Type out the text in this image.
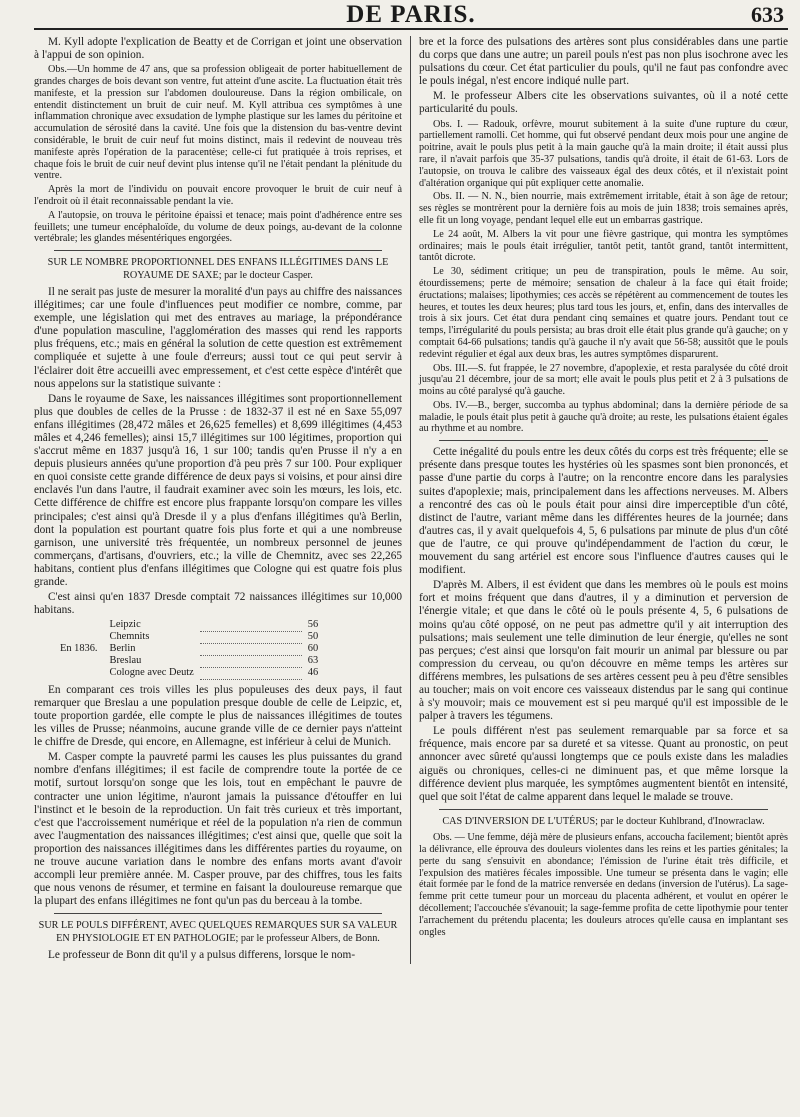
DE PARIS.	633

M. Kyll adopte l'explication de Beatty et de Corrigan et joint une observation à l'appui de son opinion.

Obs.—Un homme de 47 ans, que sa profession obligeait de porter habituellement de grandes charges de bois devant son ventre, fut atteint d'une ascite. La fluctuation était très manifeste, et la pression sur l'abdomen douloureuse. Dans la région ombilicale, on entendit distinctement un bruit de cuir neuf. M. Kyll attribua ces symptômes à une inflammation chronique avec exsudation de lymphe plastique sur les lames du péritoine et accumulation de sérosité dans la cavité. Une fois que la distension du bas-ventre devint considérable, le bruit de cuir neuf fut moins distinct, mais il redevint de nouveau très manifeste après l'opération de la paracentèse; celle-ci fut pratiquée à trois reprises, et chaque fois le bruit de cuir neuf devint plus intense qu'il ne l'était pendant la plénitude du ventre.

Après la mort de l'individu on pouvait encore provoquer le bruit de cuir neuf à l'endroit où il était reconnaissable pendant la vie.

A l'autopsie, on trouva le péritoine épaissi et tenace; mais point d'adhérence entre ses feuillets; une tumeur encéphaloïde, du volume de deux poings, au-devant de la colonne vertébrale; les glandes mésentériques engorgées.

SUR LE NOMBRE PROPORTIONNEL DES ENFANS ILLÉGITIMES DANS LE ROYAUME DE SAXE; par le docteur Casper.

Il ne serait pas juste de mesurer la moralité d'un pays au chiffre des naissances illégitimes; car une foule d'influences peut modifier ce nombre, comme, par exemple, une législation qui met des entraves au mariage, la prépondérance d'une population masculine, l'agglomération des masses qui rend les rapports plus fréquens, etc.; mais en général la solution de cette question est extrêmement compliquée et sujette à une foule d'erreurs; aussi tout ce qui peut servir à l'éclairer doit être accueilli avec empressement, et c'est cette espèce d'intérêt que nous appelons sur la statistique suivante :

Dans le royaume de Saxe, les naissances illégitimes sont proportionnellement plus que doubles de celles de la Prusse : de 1832-37 il est né en Saxe 55,097 enfans illégitimes (28,472 mâles et 26,625 femelles) et 8,699 illégitimes (4,453 mâles et 4,246 femelles); ainsi 15,7 illégitimes sur 100 légitimes, proportion qui s'accrut même en 1837 jusqu'à 16, 1 sur 100; tandis qu'en Prusse il n'y a en depuis plusieurs années qu'une proportion d'à peu près 7 sur 100. Pour expliquer en quoi consiste cette grande différence de deux pays si voisins, et pour ainsi dire enclavés l'un dans l'autre, il faudrait examiner avec soin les mœurs, les lois, etc. Cette différence de chiffre est encore plus frappante lorsqu'on compare les villes principales; c'est ainsi qu'à Dresde il y a plus d'enfans illégitimes qu'à Berlin, dont la population est pourtant quatre fois plus forte et qui a une nombreuse garnison, une université très fréquentée, un nombreux personnel de jeunes commerçans, d'artisans, d'ouvriers, etc.; la ville de Chemnitz, avec ses 22,265 habitans, contient plus d'enfans illégitimes que Cologne qui est quatre fois plus grande.

C'est ainsi qu'en 1837 Dresde comptait 72 naissances illégitimes sur 10,000 habitans.

	Leipzic		56
	Chemnits		50
En 1836.	Berlin		60
	Breslau		63
	Cologne avec Deutz		46

En comparant ces trois villes les plus populeuses des deux pays, il faut remarquer que Breslau a une population presque double de celle de Leipzic, et, toute proportion gardée, elle compte le plus de naissances illégitimes de toutes les villes de Prusse; néanmoins, aucune grande ville de ce dernier pays n'atteint le chiffre de Dresde, qui encore, en Allemagne, est inférieur à celui de Munich.

M. Casper compte la pauvreté parmi les causes les plus puissantes du grand nombre d'enfans illégitimes; il est facile de comprendre toute la portée de ce motif, surtout lorsqu'on songe que les lois, tout en empêchant le pauvre de contracter une union légitime, n'auront jamais la puissance d'étouffer en lui l'instinct et le besoin de la reproduction. Un fait très curieux et très important, c'est que l'accroissement numérique et réel de la population n'a rien de commun avec l'augmentation des naissances illégitimes; c'est ainsi que, quelle que soit la proportion des naissances illégitimes dans les différentes parties du royaume, on ne trouve aucune variation dans le nombre des enfans morts avant d'avoir accompli leur première année. M. Casper prouve, par des chiffres, tous les faits que nous venons de résumer, et termine en faisant la douloureuse remarque que la plupart des enfans illégitimes ne font qu'un pas du berceau à la tombe.

SUR LE POULS DIFFÉRENT, AVEC QUELQUES REMARQUES SUR SA VALEUR EN PHYSIOLOGIE ET EN PATHOLOGIE; par le professeur Albers, de Bonn.

Le professeur de Bonn dit qu'il y a pulsus differens, lorsque le nom-

bre et la force des pulsations des artères sont plus considérables dans une partie du corps que dans une autre; un pareil pouls n'est pas non plus isochrone avec les pulsations du cœur. Cet état particulier du pouls, qu'il ne faut pas confondre avec le pouls inégal, n'est encore indiqué nulle part.

M. le professeur Albers cite les observations suivantes, où il a noté cette particularité du pouls.

Obs. I. — Radouk, orfèvre, mourut subitement à la suite d'une rupture du cœur, partiellement ramolli. Cet homme, qui fut observé pendant deux mois pour une angine de poitrine, avait le pouls plus petit à la main gauche qu'à la main droite; il était aussi plus rare, il n'avait parfois que 35-37 pulsations, tandis qu'à droite, il était de 61-63. Lors de l'autopsie, on trouva le calibre des vaisseaux égal des deux côtés, et il n'existait point d'altération organique qui pût expliquer cette anomalie.

Obs. II. — N. N., bien nourrie, mais extrêmement irritable, était à son âge de retour; ses règles se montrèrent pour la dernière fois au mois de juin 1838; trois semaines après, elle fit un long voyage, pendant lequel elle eut un embarras gastrique.

Le 24 août, M. Albers la vit pour une fièvre gastrique, qui montra les symptômes ordinaires; mais le pouls était irrégulier, tantôt petit, tantôt grand, tantôt intermittent, tantôt dicrote.

Le 30, sédiment critique; un peu de transpiration, pouls le même. Au soir, étourdissemens; perte de mémoire; sensation de chaleur à la face qui était froide; éructations; malaises; lipothymies; ces accès se répétèrent au commencement de toutes les heures, et toutes les deux heures; plus tard tous les jours, et, enfin, dans des intervalles de trois à six jours. Cet état dura pendant cinq semaines et quatre jours. Pendant tout ce temps, l'irrégularité du pouls persista; au bras droit elle était plus grande qu'à gauche; on y comptait 64-66 pulsations; tandis qu'à gauche il n'y avait que 56-58; aussitôt que le pouls redevint régulier et égal aux deux bras, les autres symptômes disparurent.

Obs. III.—S. fut frappée, le 27 novembre, d'apoplexie, et resta paralysée du côté droit jusqu'au 21 décembre, jour de sa mort; elle avait le pouls plus petit et 2 à 3 pulsations de moins au côté paralysé qu'à gauche.

Obs. IV.—B., berger, succomba au typhus abdominal; dans la dernière période de sa maladie, le pouls était plus petit à gauche qu'à droite; au reste, les pulsations étaient égales au rhythme et au nombre.

Cette inégalité du pouls entre les deux côtés du corps est très fréquente; elle se présente dans presque toutes les hystéries où les spasmes sont bien prononcés, et passe d'une partie du corps à l'autre; on la rencontre encore dans les paralysies suites d'apoplexie; mais, principalement dans les affections nerveuses. M. Albers a rencontré des cas où le pouls était pour ainsi dire imperceptible d'un côté, distinct de l'autre, variant même dans les différentes heures de la journée; dans d'autres cas, il y avait quelquefois 4, 5, 6 pulsations par minute de plus d'un côté que de l'autre, ce qui prouve qu'indépendamment de l'action du cœur, le mouvement du sang artériel est encore sous l'influence d'autres causes qui le modifient.

D'après M. Albers, il est évident que dans les membres où le pouls est moins fort et moins fréquent que dans d'autres, il y a diminution et perversion de l'énergie vitale; et que dans le côté où le pouls présente 4, 5, 6 pulsations de moins qu'au côté opposé, on ne peut pas admettre qu'il y ait interruption des pulsations; mais seulement une telle diminution de leur énergie, qu'elles ne sont pas perçues; c'est ainsi que lorsqu'on fait mourir un animal par blessure ou par compression du cerveau, ou qu'on découvre en même temps les artères sur différens membres, les pulsations de ses artères cessent peu à peu d'être sensibles au toucher; mais on voit encore ces vaisseaux distendus par le sang qui continue à s'y mouvoir; mais ce mouvement est si peu marqué qu'il est impossible de le palper à travers les tégumens.

Le pouls différent n'est pas seulement remarquable par sa force et sa fréquence, mais encore par sa dureté et sa vitesse. Quant au pronostic, on peut annoncer avec sûreté qu'aussi longtemps que ce pouls existe dans les maladies aiguës ou chroniques, celles-ci ne diminuent pas, et que même lorsque la différence devient plus marquée, les symptômes augmentent bientôt en intensité, quel que soit l'état de calme apparent dans lequel le malade se trouve.

CAS D'INVERSION DE L'UTÉRUS; par le docteur Kuhlbrand, d'Inowraclaw.

Obs. — Une femme, déjà mère de plusieurs enfans, accoucha facilement; bientôt après la délivrance, elle éprouva des douleurs violentes dans les reins et les parties génitales; la perte du sang s'ensuivit en abondance; l'émission de l'urine était très difficile, et l'expulsion des matières fécales impossible. Une tumeur se présenta dans le vagin; elle était formée par le fond de la matrice renversée en dedans (inversion de l'utérus). La sage-femme prit cette tumeur pour un morceau du placenta adhérent, et voulut en opérer le décollement; l'accouchée s'évanouit; la sage-femme profita de cette lipothymie pour tenter l'arrachement du prétendu placenta; les douleurs atroces qu'elle causa en implantant ses ongles
